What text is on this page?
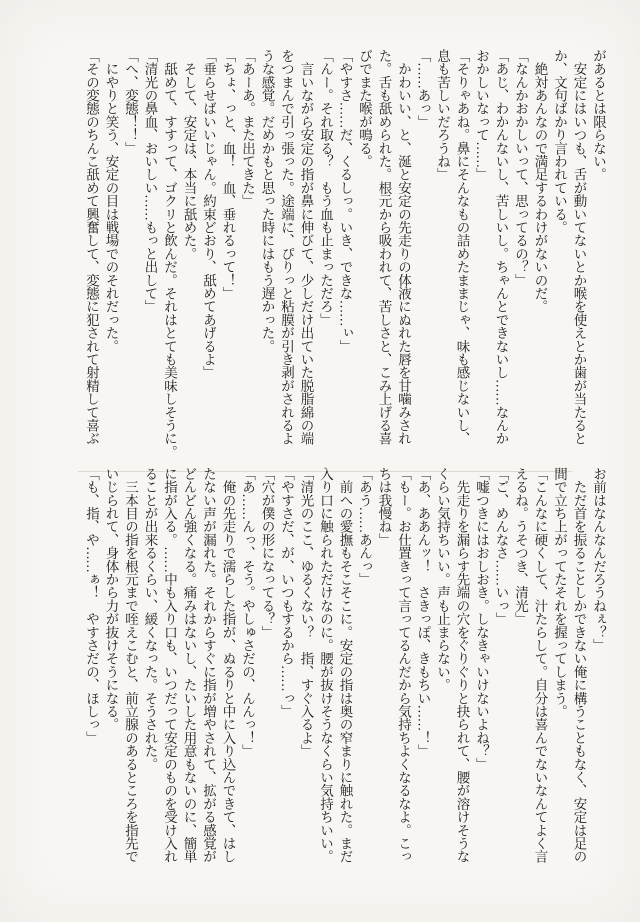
があるとは限らない。
　安定にはいつも、舌が動いてないとか喉を使えとか歯が当たると
か、文句ばかり言われている。
　絶対あんなので満足するわけがないのだ。
「なんかおかしいって、思ってるの？」
「あじ、わかんないし、苦しいし。ちゃんとできないし……なんか
おかしいなって……」
「そりゃあね。鼻にそんなもの詰めたままじゃ、味も感じないし、
息も苦しいだろうね」
「……あっ」
　かわいい、と、涎と安定の先走りの体液にぬれた唇を甘噛みされ
た。舌も舐められた。根元から吸われて、苦しさと、こみ上げる喜
びでまた喉が鳴る。
「やすさ……だ、くるしっ。いき、できな……ぃ」
「んー。それ取る？　もう血も止まっただろ」
　言いながら安定の指が鼻に伸びて、少しだけ出ていた脱脂綿の端
をつまんで引っ張った。途端に、ぴりっと粘膜が引き剥がされるよ
うな感覚。だめかもと思った時にはもう遅かった。
「あーあ。また出てきた」
「ちょ、っと、血！　血、垂れるって！」
「垂らせばいいじゃん。約束どおり、舐めてあげるよ」
　そして、安定は、本当に舐めた。
　舐めて、すすって、ゴクリと飲んだ。それはとても美味しそうに。
「清光の鼻血、おいしい……もっと出して」
「へ、変態！！」
　にやりと笑う、安定の目は戦場でのそれだった。
「その変態のちんこ舐めて興奮して、変態に犯されて射精して喜ぶ
お前はなんなんだろうねぇ？」
　ただ首を振ることしかできない俺に構うこともなく、安定は足の
間で立ち上がってたそれを握ってしまう。
「こんなに硬くして、汁たらして。自分は喜んでないなんてよく言
えるね。うそつき、清光」
「ご、めんなさ……いっ」
「嘘つきにはおしおき。しなきゃいけないよね？」
　先走りを漏らす先端の穴をぐりぐりと抉られて、腰が溶けそうな
くらい気持ちいい。声も止まらない。
「あ、ああんッ！　さきっぽ、きもちい……！」
「もー。お仕置きって言ってるんだから気持ちよくなるなよ。こっ
ちは我慢ね」
「あう……あんっ」
　前への愛撫もそこそこに。安定の指は奥の窄まりに触れた。まだ
入り口に触られただけなのに。腰が抜けそうなくらい気持ちいい。
「清光のここ、ゆるくない？　指、すぐ入るよ」
「やすさだ、が、いつもするから……っ」
「穴が僕の形になってる？」
「あ……んっ、そう。やしゅさだの、んんっ！」
　俺の先走りで濡らした指が、ぬるりと中に入り込んできて、はし
たない声が漏れた。それからすぐに指が増やされて、拡がる感覚が
どんどん強くなる。痛みはないし、たいした用意もないのに、簡単
に指が入る。……中も入り口も、いつだって安定のものを受け入れ
ることが出来るくらい、緩くなった。そうされた。
　三本目の指を根元まで咥えこむと、前立腺のあるところを指先で
いじられて、身体から力が抜けそうになる。
「も、指、や……ぁ！　やすさだの、ほしっ」
